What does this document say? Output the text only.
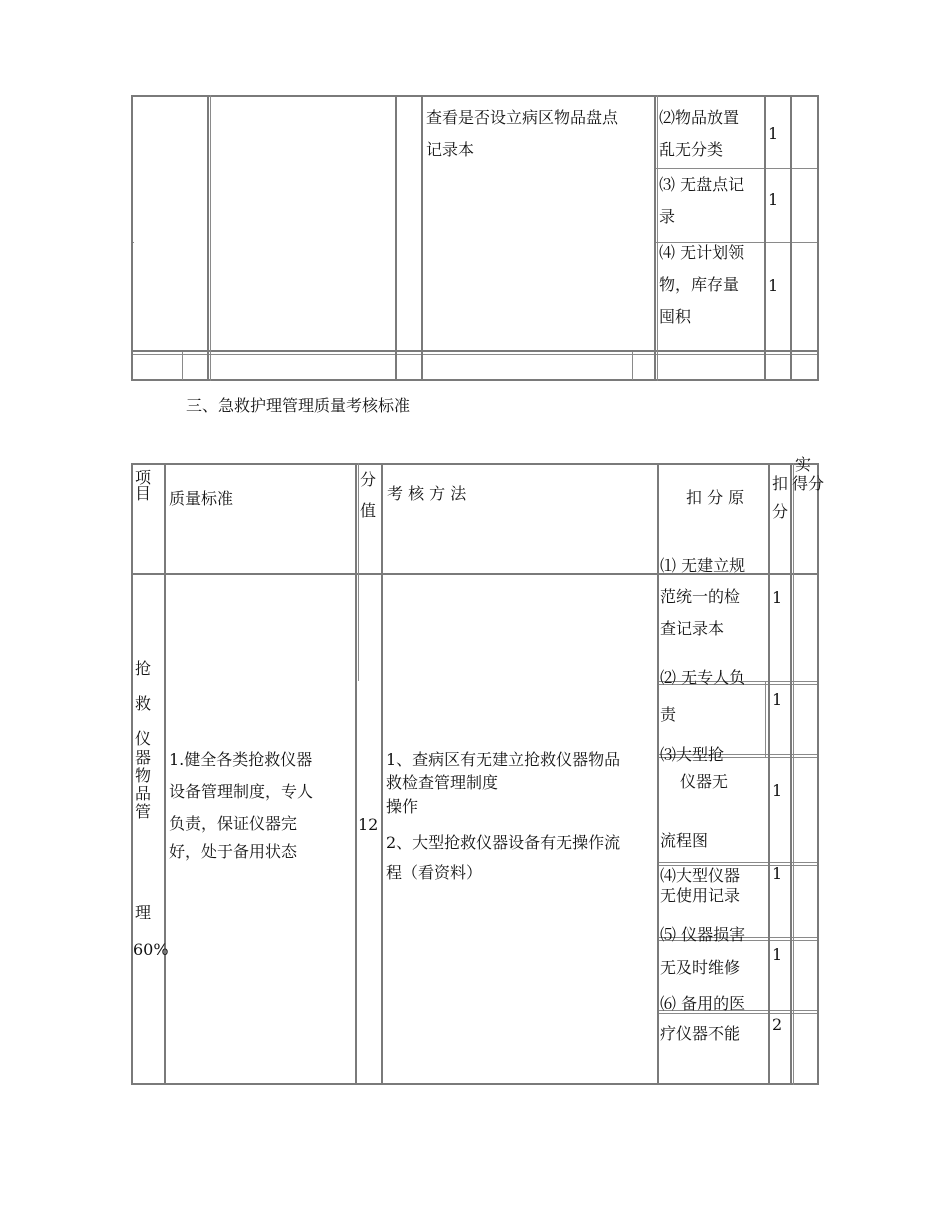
查看是否设立病区物品盘点
记录本
⑵物品放置
乱无分类
1
⑶ 无盘点记
录
1
⑷ 无计划领
物，库存量
囤积
1
三、急救护理管理质量考核标准
项
目 质量标准
分
值
考 核 方 法	扣 分 原
扣
分
实
得分
抢
救
仪
器
物
品
管
理
60%
1.健全各类抢救仪器
设备管理制度，专人
负责，保证仪器完
好，处于备用状态
12
1、查病区有无建立抢救仪器物品
救检查管理制度
操作
2、大型抢救仪器设备有无操作流
程（看资料）
⑴ 无建立规
范统一的检
查记录本
⑵ 无专人负
责
⑶大型抢
仪器无
流程图
⑷大型仪器
无使用记录
⑸ 仪器损害
无及时维修
⑹ 备用的医
疗仪器不能
1
1
1
1
1
2
